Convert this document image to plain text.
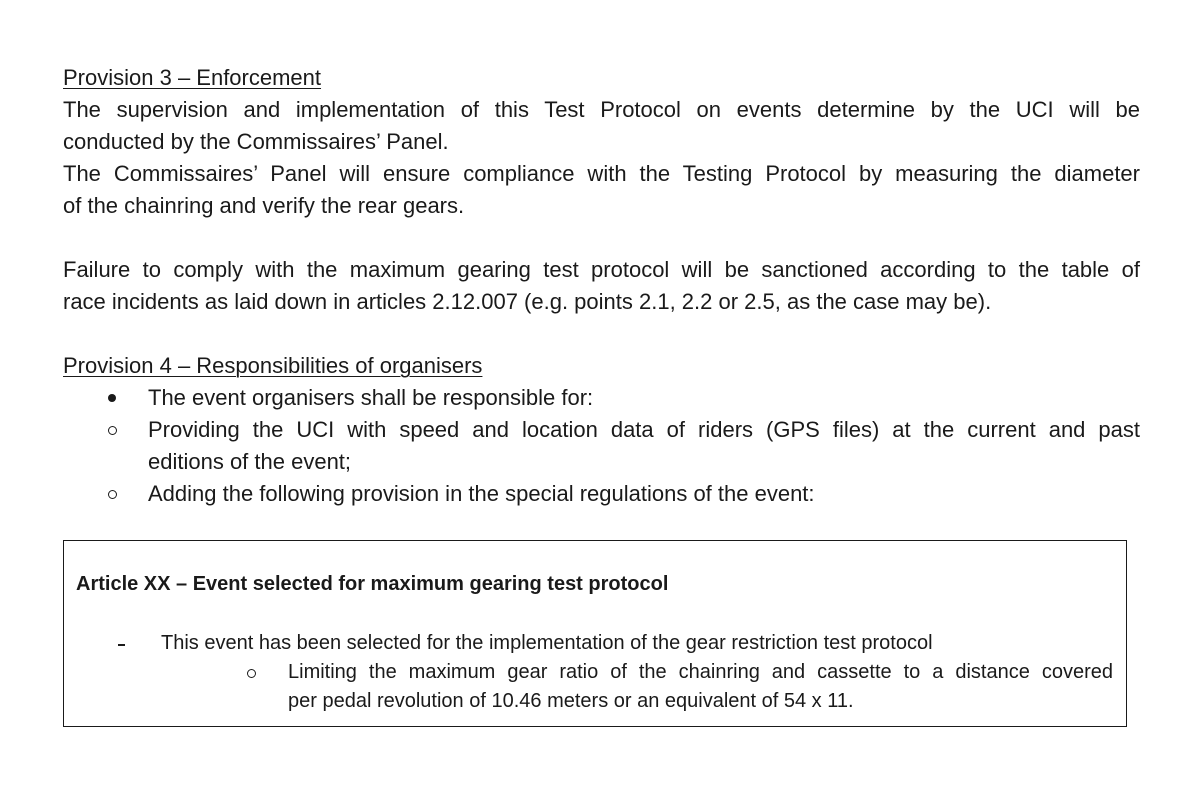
Provision 3 – Enforcement
The supervision and implementation of this Test Protocol on events determine by the UCI will be
conducted by the Commissaires’ Panel.
The Commissaires’ Panel will ensure compliance with the Testing Protocol by measuring the diameter
of the chainring and verify the rear gears.
Failure to comply with the maximum gearing test protocol will be sanctioned according to the table of
race incidents as laid down in articles 2.12.007 (e.g. points 2.1, 2.2 or 2.5, as the case may be).
Provision 4 – Responsibilities of organisers
The event organisers shall be responsible for:
Providing the UCI with speed and location data of riders (GPS files) at the current and past
editions of the event;
Adding the following provision in the special regulations of the event:
Article XX – Event selected for maximum gearing test protocol
This event has been selected for the implementation of the gear restriction test protocol
Limiting the maximum gear ratio of the chainring and cassette to a distance covered
per pedal revolution of 10.46 meters or an equivalent of 54 x 11.
